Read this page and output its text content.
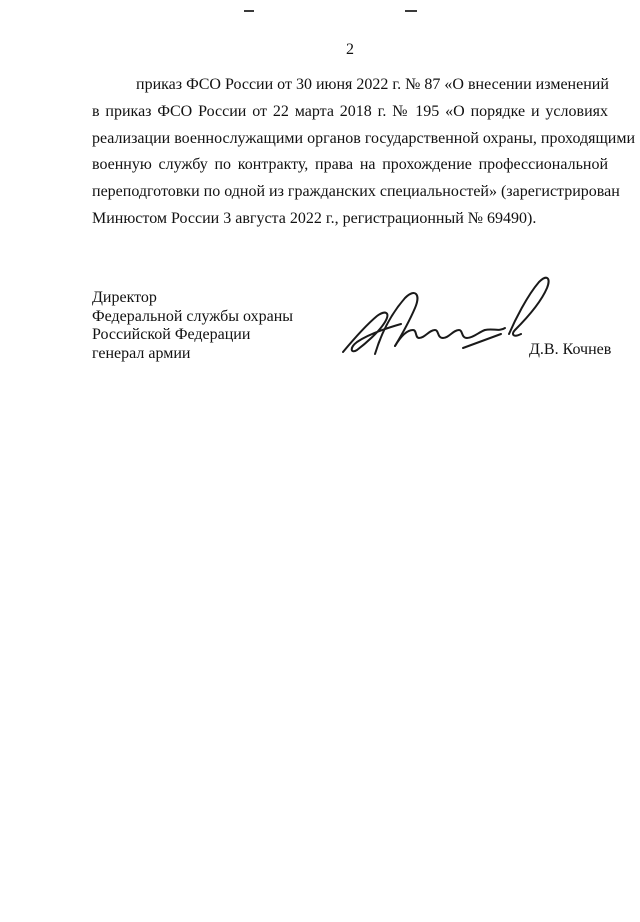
2
приказ ФСО России от 30 июня 2022 г. № 87 «О внесении изменений
в приказ ФСО России от 22 марта 2018 г. № 195 «О порядке и условиях
реализации военнослужащими органов государственной охраны, проходящими
военную службу по контракту, права на прохождение профессиональной
переподготовки по одной из гражданских специальностей» (зарегистрирован
Минюстом России 3 августа 2022 г., регистрационный № 69490).
Директор
Федеральной службы охраны
Российской Федерации
генерал армии	Д.В. Кочнев
